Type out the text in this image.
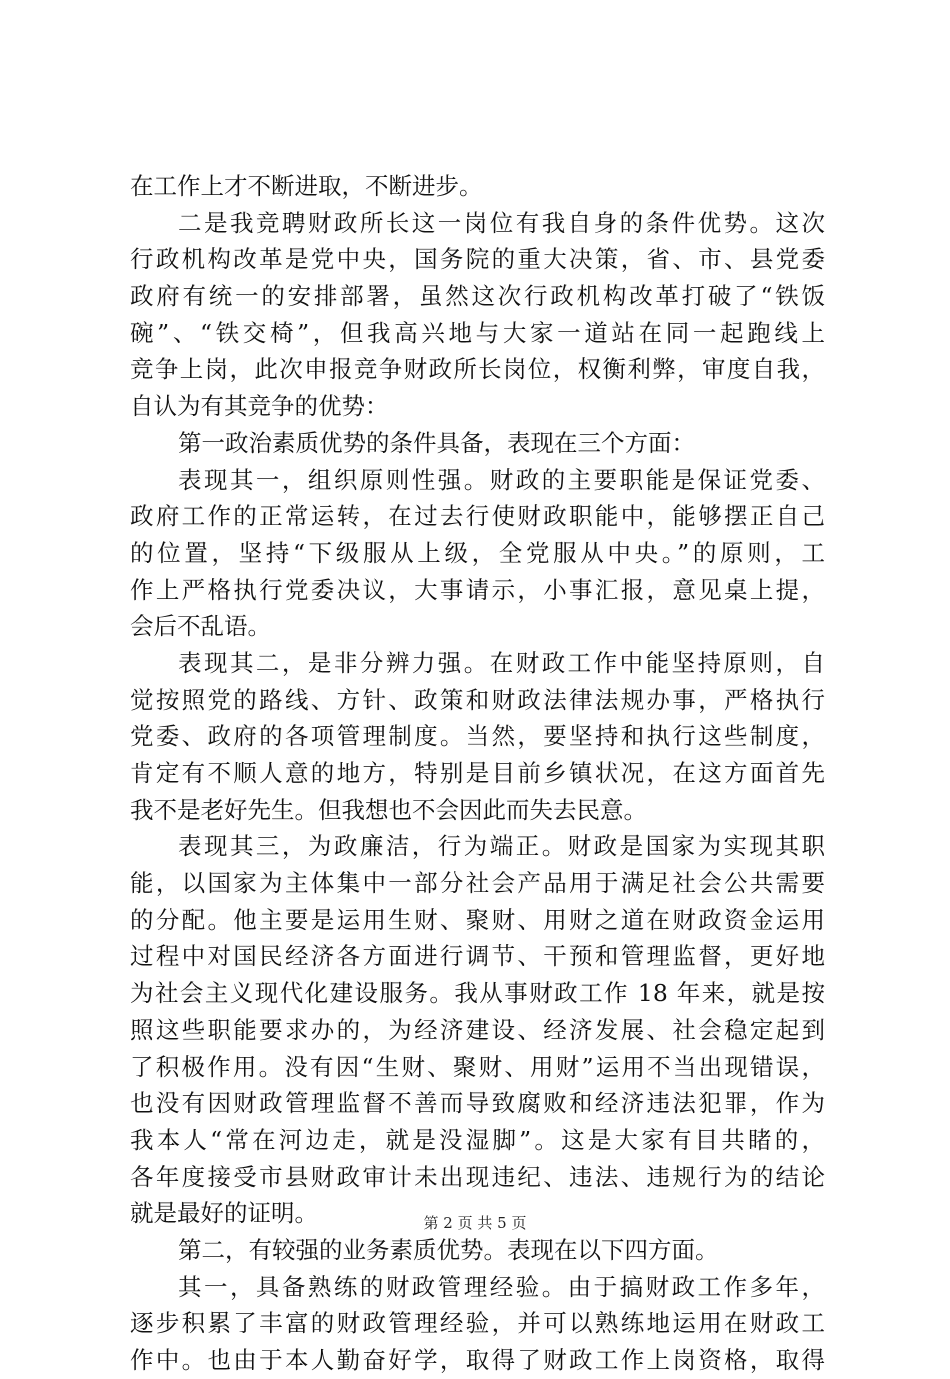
在工作上才不断进取，不断进步。
二是我竞聘财政所长这一岗位有我自身的条件优势。这次
行政机构改革是党中央，国务院的重大决策，省、市、县党委
政府有统一的安排部署，虽然这次行政机构改革打破了“铁饭
碗”、“铁交椅”，但我高兴地与大家一道站在同一起跑线上
竞争上岗，此次申报竞争财政所长岗位，权衡利弊，审度自我，
自认为有其竞争的优势：
第一政治素质优势的条件具备，表现在三个方面：
表现其一，组织原则性强。财政的主要职能是保证党委、
政府工作的正常运转，在过去行使财政职能中，能够摆正自己
的位置，坚持“下级服从上级，全党服从中央。”的原则，工
作上严格执行党委决议，大事请示，小事汇报，意见桌上提，
会后不乱语。
表现其二，是非分辨力强。在财政工作中能坚持原则，自
觉按照党的路线、方针、政策和财政法律法规办事，严格执行
党委、政府的各项管理制度。当然，要坚持和执行这些制度，
肯定有不顺人意的地方，特别是目前乡镇状况，在这方面首先
我不是老好先生。但我想也不会因此而失去民意。
表现其三，为政廉洁，行为端正。财政是国家为实现其职
能，以国家为主体集中一部分社会产品用于满足社会公共需要
的分配。他主要是运用生财、聚财、用财之道在财政资金运用
过程中对国民经济各方面进行调节、干预和管理监督，更好地
为社会主义现代化建设服务。我从事财政工作 18 年来，就是按
照这些职能要求办的，为经济建设、经济发展、社会稳定起到
了积极作用。没有因“生财、聚财、用财”运用不当出现错误，
也没有因财政管理监督不善而导致腐败和经济违法犯罪，作为
我本人“常在河边走，就是没湿脚”。这是大家有目共睹的，
各年度接受市县财政审计未出现违纪、违法、违规行为的结论
就是最好的证明。
第二，有较强的业务素质优势。表现在以下四方面。
其一，具备熟练的财政管理经验。由于搞财政工作多年，
逐步积累了丰富的财政管理经验，并可以熟练地运用在财政工
作中。也由于本人勤奋好学，取得了财政工作上岗资格，取得
第 2 页 共 5 页
